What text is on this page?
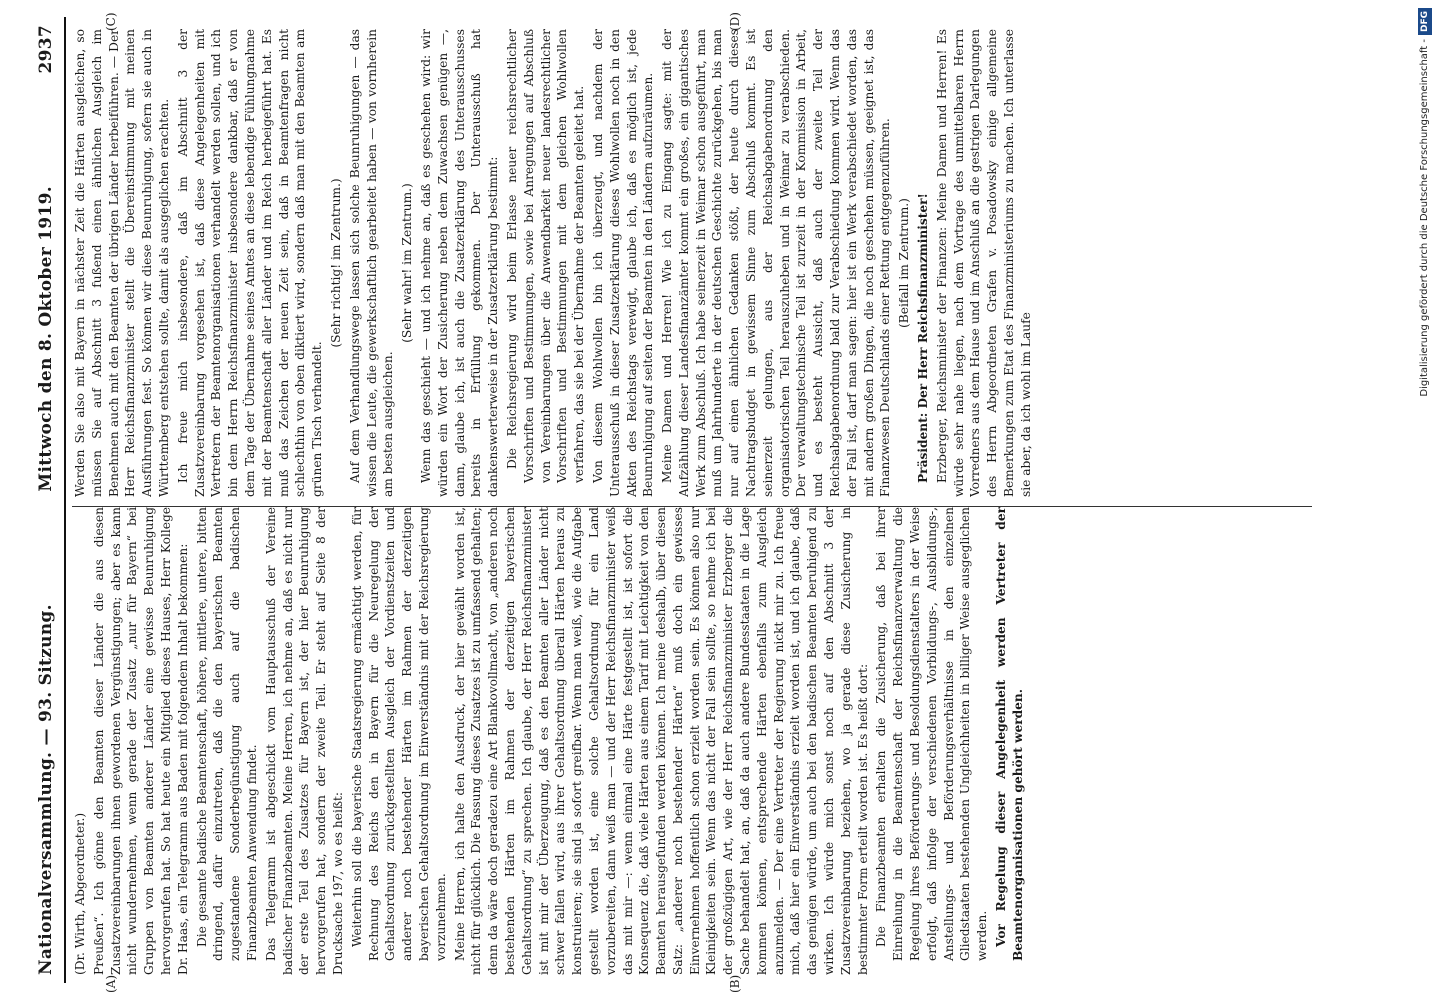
Nationalversammlung. — 93. Sitzung.
Mittwoch den 8. Oktober 1919.
2937

(Dr. Wirth, Abgeordneter.) Preußen“. Ich gönne den Beamten dieser Länder die aus diesen Zusatzvereinbarungen ihnen gewordenen Vergünstigungen; aber es kann nicht wundernehmen, wenn gerade der Zusatz „nur für Bayern“ bei Gruppen von Beamten anderer Länder eine gewisse Beunruhigung hervorgerufen hat. So hat heute ein Mitglied dieses Hauses, Herr Kollege Dr. Haas, ein Telegramm aus Baden mit folgendem Inhalt bekommen: Die gesamte badische Beamtenschaft, höhere, mittlere, untere, bitten dringend, dafür einzutreten, daß die den bayerischen Beamten zugestandene Sonderbegünstigung auch auf die badischen Finanzbeamten Anwendung findet. Das Telegramm ist abgeschickt vom Hauptausschuß der Vereine badischer Finanzbeamten. Meine Herren, ich nehme an, daß es nicht nur der erste Teil des Zusatzes für Bayern ist, der hier Beunruhigung hervorgerufen hat, sondern der zweite Teil. Er steht auf Seite 8 der Drucksache 197, wo es heißt: Weiterhin soll die bayerische Staatsregierung ermächtigt werden, für Rechnung des Reichs den in Bayern für die Neuregelung der Gehaltsordnung zurückgestellten Ausgleich der Vordienstzeiten und anderer noch bestehender Härten im Rahmen der derzeitigen bayerischen Gehaltsordnung im Einverständnis mit der Reichsregierung vorzunehmen. Meine Herren, ich halte den Ausdruck, der hier gewählt worden ist, nicht für glücklich. Die Fassung dieses Zusatzes ist zu umfassend gehalten; denn da wäre doch geradezu eine Art Blankovollmacht, von „anderen noch bestehenden Härten im Rahmen der derzeitigen bayerischen Gehaltsordnung“ zu sprechen. Ich glaube, der Herr Reichsfinanzminister ist mit mir der Überzeugung, daß es den Beamten aller Länder nicht schwer fallen wird, aus ihrer Gehaltsordnung überall Härten heraus zu konstruieren; sie sind ja sofort greifbar. Wenn man weiß, wie die Aufgabe gestellt worden ist, eine solche Gehaltsordnung für ein Land vorzubereiten, dann weiß man — und der Herr Reichsfinanzminister weiß das mit mir —: wenn einmal eine Härte festgestellt ist, ist sofort die Konsequenz die, daß viele Härten aus einem Tarif mit Leichtigkeit von den Beamten herausgefunden werden können. Ich meine deshalb, über diesen Satz: „anderer noch bestehender Härten“ muß doch ein gewisses Einvernehmen hoffentlich schon erzielt worden sein. Es können also nur Kleinigkeiten sein. Wenn das nicht der Fall sein sollte, so nehme ich bei der großzügigen Art, wie der Herr Reichsfinanzminister Erzberger die Sache behandelt hat, an, daß da auch andere Bundesstaaten in die Lage kommen können, entsprechende Härten ebenfalls zum Ausgleich anzumelden. — Der eine Vertreter der Regierung nickt mir zu. Ich freue mich, daß hier ein Einverständnis erzielt worden ist, und ich glaube, daß das genügen würde, um auch bei den badischen Beamten beruhigend zu wirken. Ich würde mich sonst noch auf den Abschnitt 3 der Zusatzvereinbarung beziehen, wo ja gerade diese Zusicherung in bestimmter Form erteilt worden ist. Es heißt dort: Die Finanzbeamten erhalten die Zusicherung, daß bei ihrer Einreihung in die Beamtenschaft der Reichsfinanzverwaltung die Regelung ihres Beförderungs- und Besoldungsdienstalters in der Weise erfolgt, daß infolge der verschiedenen Vorbildungs-, Ausbildungs-, Anstellungs- und Beförderungsverhältnisse in den einzelnen Gliedstaaten bestehenden Ungleichheiten in billiger Weise ausgeglichen werden. Vor Regelung dieser Angelegenheit werden Vertreter der Beamtenorganisationen gehört werden.

Werden Sie also mit Bayern in nächster Zeit die Härten ausgleichen, so müssen Sie auf Abschnitt 3 fußend einen ähnlichen Ausgleich im Benehmen auch mit den Beamten der übrigen Länder herbeiführen. — Der Herr Reichsfinanzminister stellt die Übereinstimmung mit meinen Ausführungen fest. So können wir diese Beunruhigung, sofern sie auch in Württemberg entstehen sollte, damit als ausgeglichen erachten. Ich freue mich insbesondere, daß im Abschnitt 3 der Zusatzvereinbarung vorgesehen ist, daß diese Angelegenheiten mit Vertretern der Beamtenorganisationen verhandelt werden sollen, und ich bin dem Herrn Reichsfinanzminister insbesondere dankbar, daß er von dem Tage der Übernahme seines Amtes an diese lebendige Fühlungnahme mit der Beamtenschaft aller Länder und im Reich herbeigeführt hat. Es muß das Zeichen der neuen Zeit sein, daß in Beamtenfragen nicht schlechthin von oben diktiert wird, sondern daß man mit den Beamten am grünen Tisch verhandelt.

(Sehr richtig! im Zentrum.) Auf dem Verhandlungswege lassen sich solche Beunruhigungen — das wissen die Leute, die gewerkschaftlich gearbeitet haben — von vornherein am besten ausgleichen.

(Sehr wahr! im Zentrum.) Wenn das geschieht — und ich nehme an, daß es geschehen wird: wir würden ein Wort der Zusicherung neben dem Zuwachsen genügen —, dann, glaube ich, ist auch die Zusatzerklärung des Unterausschusses bereits in Erfüllung gekommen. Der Unterausschuß hat dankenswerterweise in der Zusatzerklärung bestimmt: Die Reichsregierung wird beim Erlasse neuer reichsrechtlicher Vorschriften und Bestimmungen, sowie bei Anregungen auf Abschluß von Vereinbarungen über die Anwendbarkeit neuer landesrechtlicher Vorschriften und Bestimmungen mit dem gleichen Wohlwollen verfahren, das sie bei der Übernahme der Beamten geleitet hat. Von diesem Wohlwollen bin ich überzeugt, und nachdem der Unterausschuß in dieser Zusatzerklärung dieses Wohlwollen noch in den Akten des Reichstags verewigt, glaube ich, daß es möglich ist, jede Beunruhigung auf seiten der Beamten in den Ländern aufzuräumen. Meine Damen und Herren! Wie ich zu Eingang sagte: mit der Aufzählung dieser Landesfinanzämter kommt ein großes, ein gigantisches Werk zum Abschluß. Ich habe seinerzeit in Weimar schon ausgeführt, man muß um Jahrhunderte in der deutschen Geschichte zurückgehen, bis man nur auf einen ähnlichen Gedanken stößt, der heute durch dieses Nachtragsbudget in gewissem Sinne zum Abschluß kommt. Es ist seinerzeit gelungen, aus der Reichsabgabenordnung den organisatorischen Teil herauszuheben und in Weimar zu verabschieden. Der verwaltungstechnische Teil ist zurzeit in der Kommission in Arbeit, und es besteht Aussicht, daß auch der zweite Teil der Reichsabgabenordnung bald zur Verabschiedung kommen wird. Wenn das der Fall ist, darf man sagen: hier ist ein Werk verabschiedet worden, das mit andern großen Dingen, die noch geschehen müssen, geeignet ist, das Finanzwesen Deutschlands einer Rettung entgegenzuführen. (Beifall im Zentrum.) Präsident: Der Herr Reichsfinanzminister! Erzberger, Reichsminister der Finanzen: Meine Damen und Herren! Es würde sehr nahe liegen, nach dem Vortrage des unmittelbaren Herrn Vorredners aus dem Hause und im Anschluß an die gestrigen Darlegungen des Herrn Abgeordneten Grafen v. Posadowsky einige allgemeine Bemerkungen zum Etat des Finanzministeriums zu machen. Ich unterlasse sie aber, da ich wohl im Laufe

(A)	(B)
(C)	(D)
Digitalisierung gefördert durch die Deutsche Forschungsgemeinschaft -DFG
